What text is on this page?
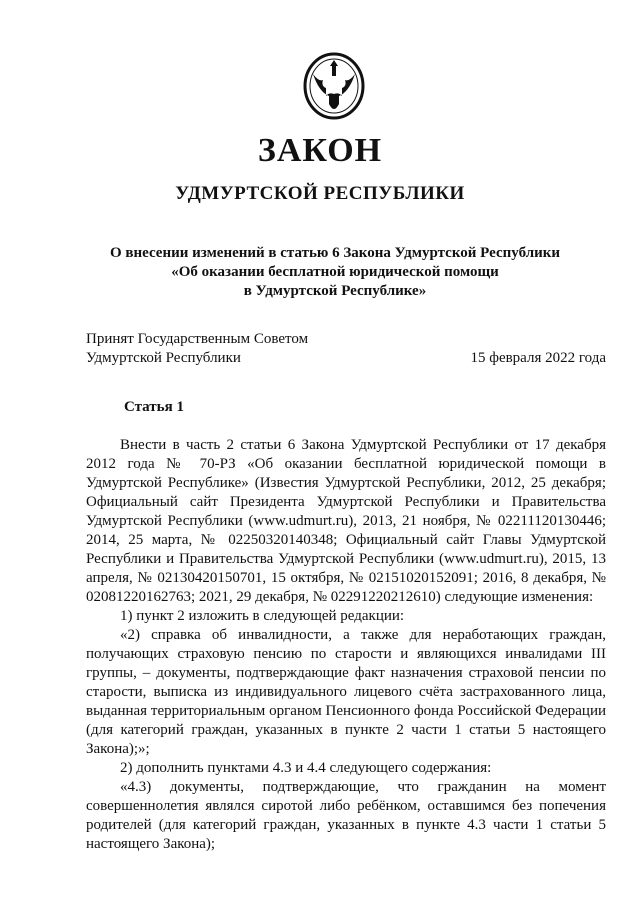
ЗАКОН
УДМУРТСКОЙ РЕСПУБЛИКИ
О внесении изменений в статью 6 Закона Удмуртской Республики
«Об оказании бесплатной юридической помощи
в Удмуртской Республике»
Принят Государственным Советом
Удмуртской Республики	15 февраля 2022 года
Статья 1

Внести в часть 2 статьи 6 Закона Удмуртской Республики от 17 декабря 2012 года № 70-РЗ «Об оказании бесплатной юридической помощи в Удмуртской Республике» (Известия Удмуртской Республики, 2012, 25 декабря; Официальный сайт Президента Удмуртской Республики и Правительства Удмуртской Республики (www.udmurt.ru), 2013, 21 ноября, № 02211120130446; 2014, 25 марта, № 02250320140348; Официальный сайт Главы Удмуртской Республики и Правительства Удмуртской Республики (www.udmurt.ru), 2015, 13 апреля, № 02130420150701, 15 октября, № 02151020152091; 2016, 8 декабря, № 02081220162763; 2021, 29 декабря, № 02291220212610) следующие изменения:

1) пункт 2 изложить в следующей редакции:

«2) справка об инвалидности, а также для неработающих граждан, получающих страховую пенсию по старости и являющихся инвалидами III группы, – документы, подтверждающие факт назначения страховой пенсии по старости, выписка из индивидуального лицевого счёта застрахованного лица, выданная территориальным органом Пенсионного фонда Российской Федерации (для категорий граждан, указанных в пункте 2 части 1 статьи 5 настоящего Закона);»;

2) дополнить пунктами 4.3 и 4.4 следующего содержания:

«4.3) документы, подтверждающие, что гражданин на момент совершеннолетия являлся сиротой либо ребёнком, оставшимся без попечения родителей (для категорий граждан, указанных в пункте 4.3 части 1 статьи 5 настоящего Закона);
